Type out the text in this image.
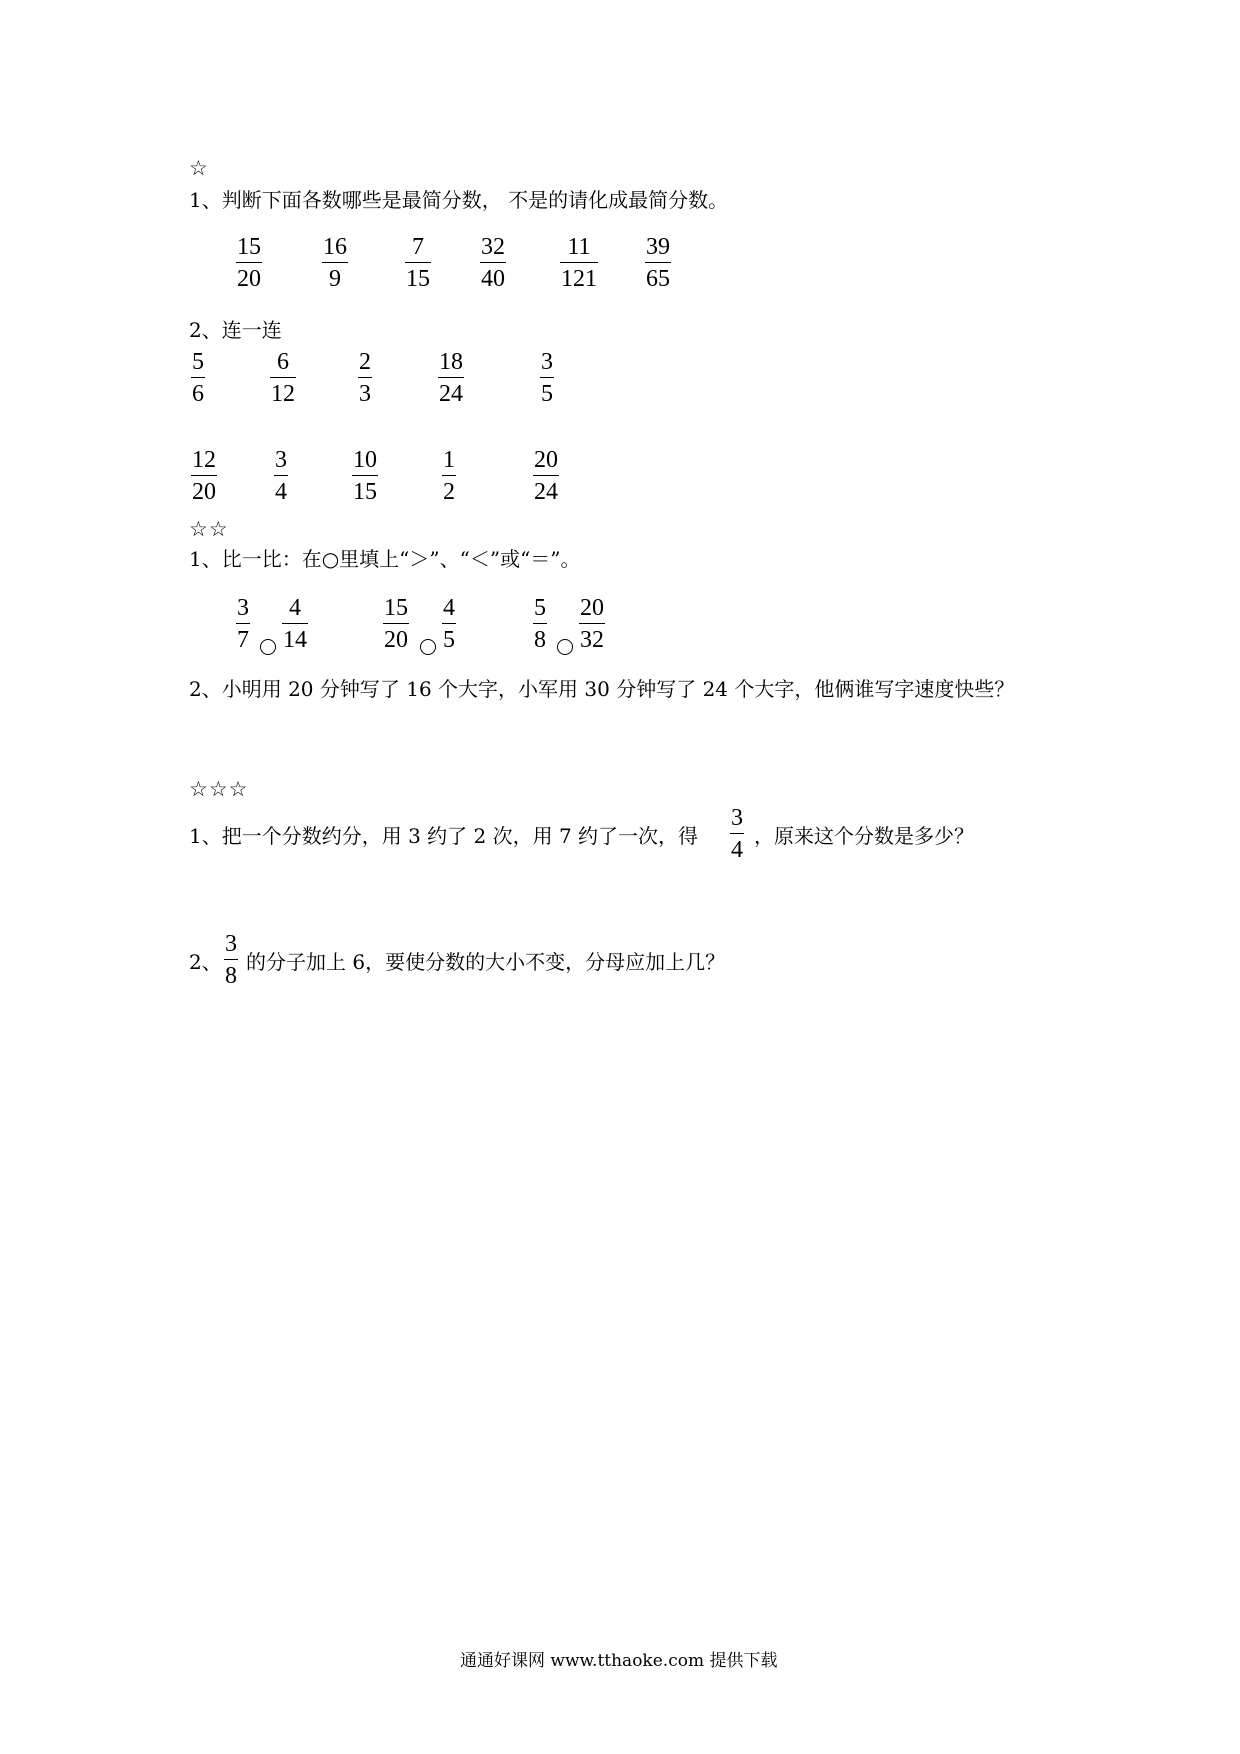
☆
1、判断下面各数哪些是最简分数， 不是的请化成最简分数。
15
20
16
9
7
15
32
40
11
121
39
65
2、连一连
5
6
6
12
2
3
18
24
3
5
12
20
3
4
10
15
1
2
20
24
☆☆
1、比一比：在○里填上“＞”、“＜”或“＝”。
3
7
4
14
15
20
4
5
5
8
20
32
2、小明用 20 分钟写了 16 个大字，小军用 30 分钟写了 24 个大字，他俩谁写字速度快些？
☆☆☆
1、把一个分数约分，用 3 约了 2 次，用 7 约了一次，得
3
4
，原来这个分数是多少？
2、
3
8
的分子加上 6，要使分数的大小不变，分母应加上几？
通通好课网 www.tthaoke.com 提供下载
